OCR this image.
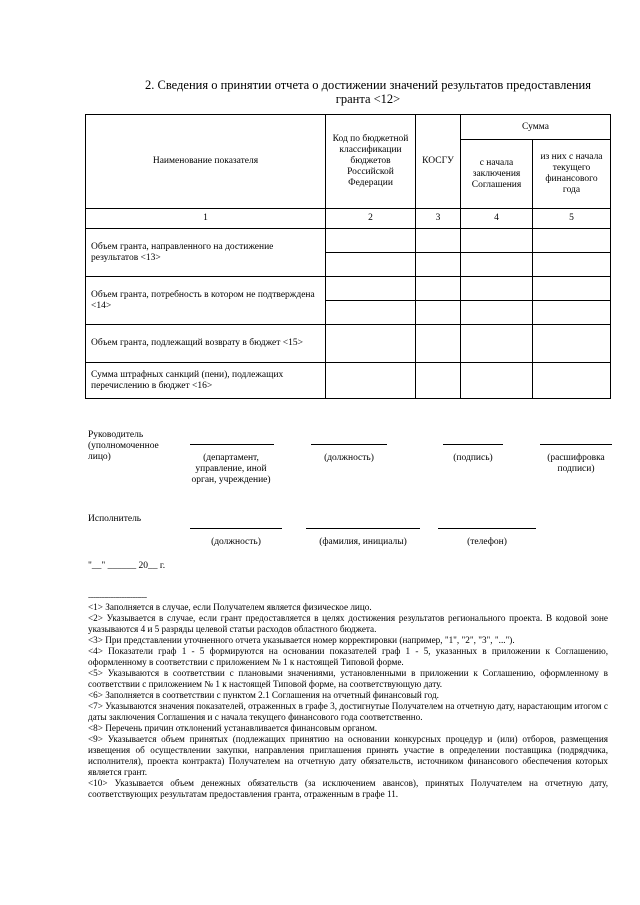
2. Сведения о принятии отчета о достижении значений результатов предоставления
гранта <12>
Наименование показателя	Код по бюджетной классификации бюджетов Российской Федерации	КОСГУ	Сумма	
			с начала заключения Соглашения	из них с начала текущего финансового года
1	2	3	4	5
Объем гранта, направленного на достижение результатов <13>				

Объем гранта, потребность в котором не подтверждена <14>				

Объем гранта, подлежащий возврату в бюджет <15>				
Сумма штрафных санкций (пени), подлежащих перечислению в бюджет <16>				
Руководитель (уполномоченное лицо)	(департамент, управление, иной орган, учреждение)
(должность)	(подпись)	(расшифровка подписи)
Исполнитель
(должность)	(фамилия, инициалы)	(телефон)
"__" ______ 20__ г.
--------------------------------

<1> Заполняется в случае, если Получателем является физическое лицо.

<2> Указывается в случае, если грант предоставляется в целях достижения результатов регионального проекта. В кодовой зоне указываются 4 и 5 разряды целевой статьи расходов областного бюджета.

<3> При представлении уточненного отчета указывается номер корректировки (например, "1", "2", "3", "...").

<4> Показатели граф 1 - 5 формируются на основании показателей граф 1 - 5, указанных в приложении к Соглашению, оформленному в соответствии с приложением № 1 к настоящей Типовой форме.

<5> Указываются в соответствии с плановыми значениями, установленными в приложении к Соглашению, оформленному в соответствии с приложением № 1 к настоящей Типовой форме, на соответствующую дату.

<6> Заполняется в соответствии с пунктом 2.1 Соглашения на отчетный финансовый год.

<7> Указываются значения показателей, отраженных в графе 3, достигнутые Получателем на отчетную дату, нарастающим итогом с даты заключения Соглашения и с начала текущего финансового года соответственно.

<8> Перечень причин отклонений устанавливается финансовым органом.

<9> Указывается объем принятых (подлежащих принятию на основании конкурсных процедур и (или) отборов, размещения извещения об осуществлении закупки, направления приглашения принять участие в определении поставщика (подрядчика, исполнителя), проекта контракта) Получателем на отчетную дату обязательств, источником финансового обеспечения которых является грант.

<10> Указывается объем денежных обязательств (за исключением авансов), принятых Получателем на отчетную дату, соответствующих результатам предоставления гранта, отраженным в графе 11.
